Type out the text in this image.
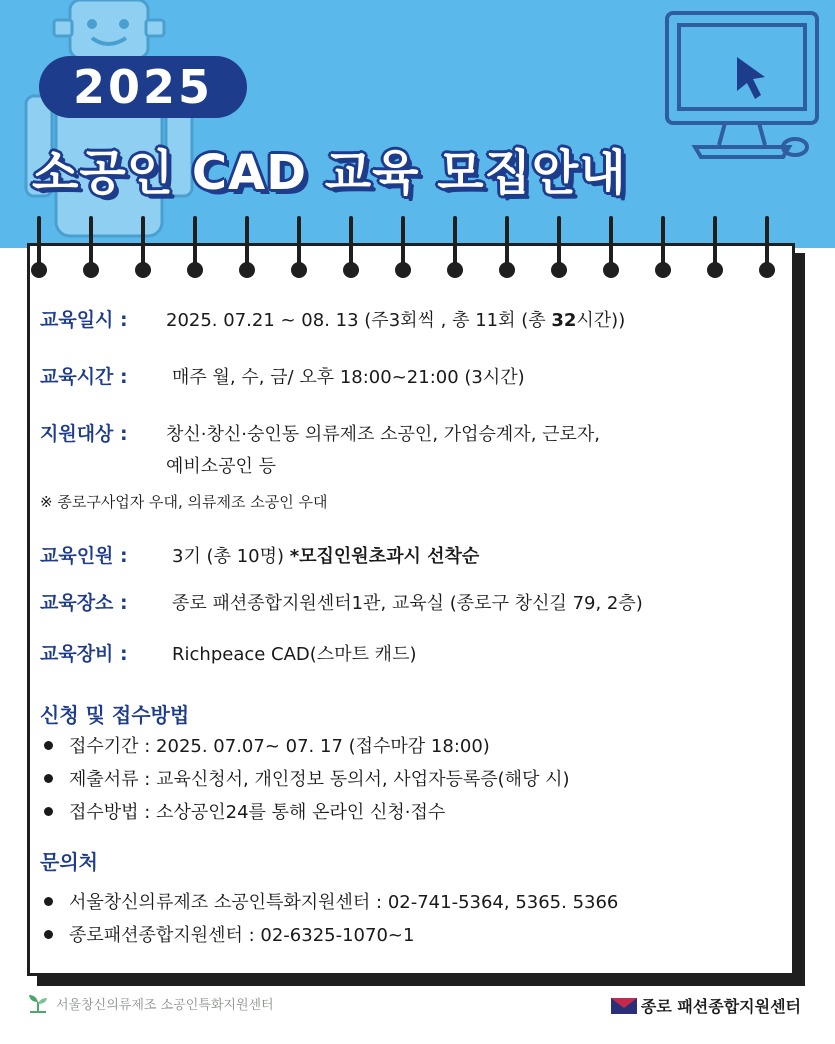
2025
소공인 CAD 교육 모집안내
교육일시 : 2025. 07.21 ~ 08. 13 (주3회씩 , 총 11회 (총 32시간))
교육시간 : 매주 월, 수, 금/ 오후 18:00~21:00 (3시간)
지원대상 : 창신·창신·숭인동 의류제조 소공인, 가업승계자, 근로자,
예비소공인 등
※ 종로구사업자 우대, 의류제조 소공인 우대
교육인원 : 3기 (총 10명) *모집인원초과시 선착순
교육장소 : 종로 패션종합지원센터1관, 교육실 (종로구 창신길 79, 2층)
교육장비 : Richpeace CAD(스마트 캐드)
신청 및 접수방법
접수기간 : 2025. 07.07~ 07. 17 (접수마감 18:00)
제출서류 : 교육신청서, 개인정보 동의서, 사업자등록증(해당 시)
접수방법 : 소상공인24를 통해 온라인 신청·접수
문의처
서울창신의류제조 소공인특화지원센터 : 02-741-5364, 5365. 5366
종로패션종합지원센터 : 02-6325-1070~1
서울창신의류제조 소공인특화지원센터	종로 패션종합지원센터
